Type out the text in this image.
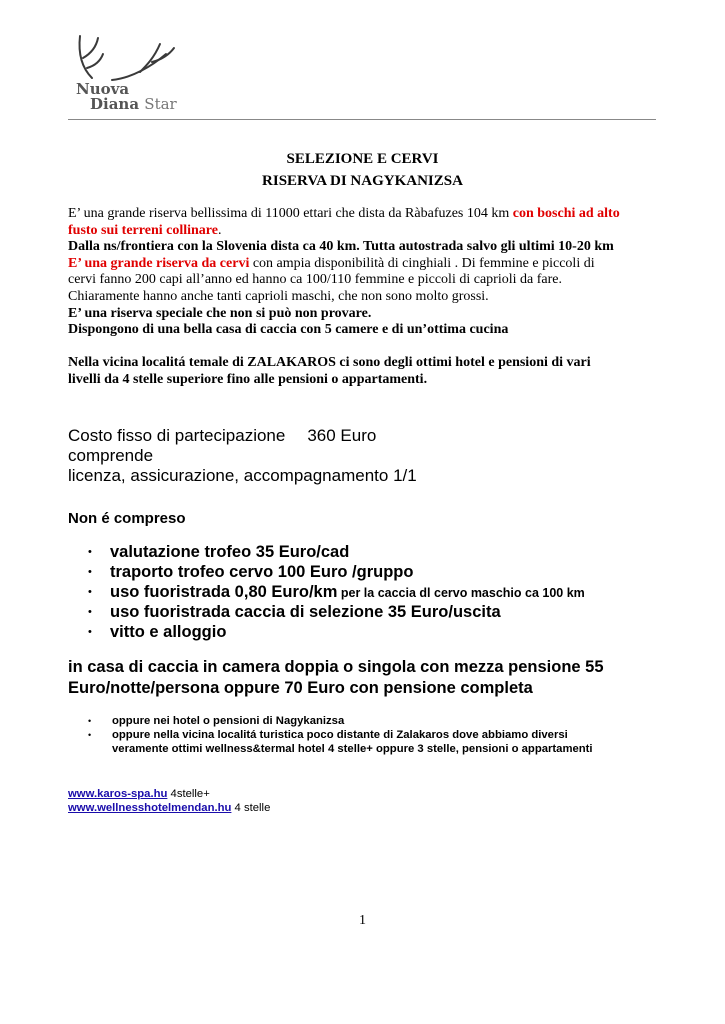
Nuova
Diana Star
SELEZIONE E CERVI
RISERVA DI NAGYKANIZSA

E’ una grande riserva bellissima di 11000 ettari che dista da Ràbafuzes 104 km con boschi ad alto

fusto sui terreni collinare.

Dalla ns/frontiera con la Slovenia dista ca 40 km. Tutta autostrada salvo gli ultimi 10-20 km

E’ una grande riserva da cervi con ampia disponibilità di cinghiali . Di femmine e piccoli di

cervi fanno 200 capi all’anno ed hanno ca 100/110 femmine e piccoli di caprioli da fare.

Chiaramente hanno anche tanti caprioli maschi, che non sono molto grossi.

E’ una riserva speciale che non si può non provare.

Dispongono di una bella casa di caccia con 5 camere e di un’ottima cucina

Nella vicina localitá temale di ZALAKAROS ci sono degli ottimi hotel e pensioni di vari

livelli da 4 stelle superiore fino alle pensioni o appartamenti.

Costo fisso di partecipazione 360 Euro

comprende

licenza, assicurazione, accompagnamento 1/1

Non é compreso
• valutazione trofeo 35 Euro/cad
• traporto trofeo cervo 100 Euro /gruppo
• uso fuoristrada 0,80 Euro/km per la caccia dl cervo maschio ca 100 km
• uso fuoristrada caccia di selezione 35 Euro/uscita
• vitto e alloggio

in casa di caccia in camera doppia o singola con mezza pensione 55

Euro/notte/persona oppure 70 Euro con pensione completa

• oppure nei hotel o pensioni di Nagykanizsa
• oppure nella vicina localitá turistica poco distante di Zalakaros dove abbiamo diversi
veramente ottimi wellness&termal hotel 4 stelle+ oppure 3 stelle, pensioni o appartamenti

www.karos-spa.hu 4stelle+

www.wellnesshotelmendan.hu 4 stelle

1
